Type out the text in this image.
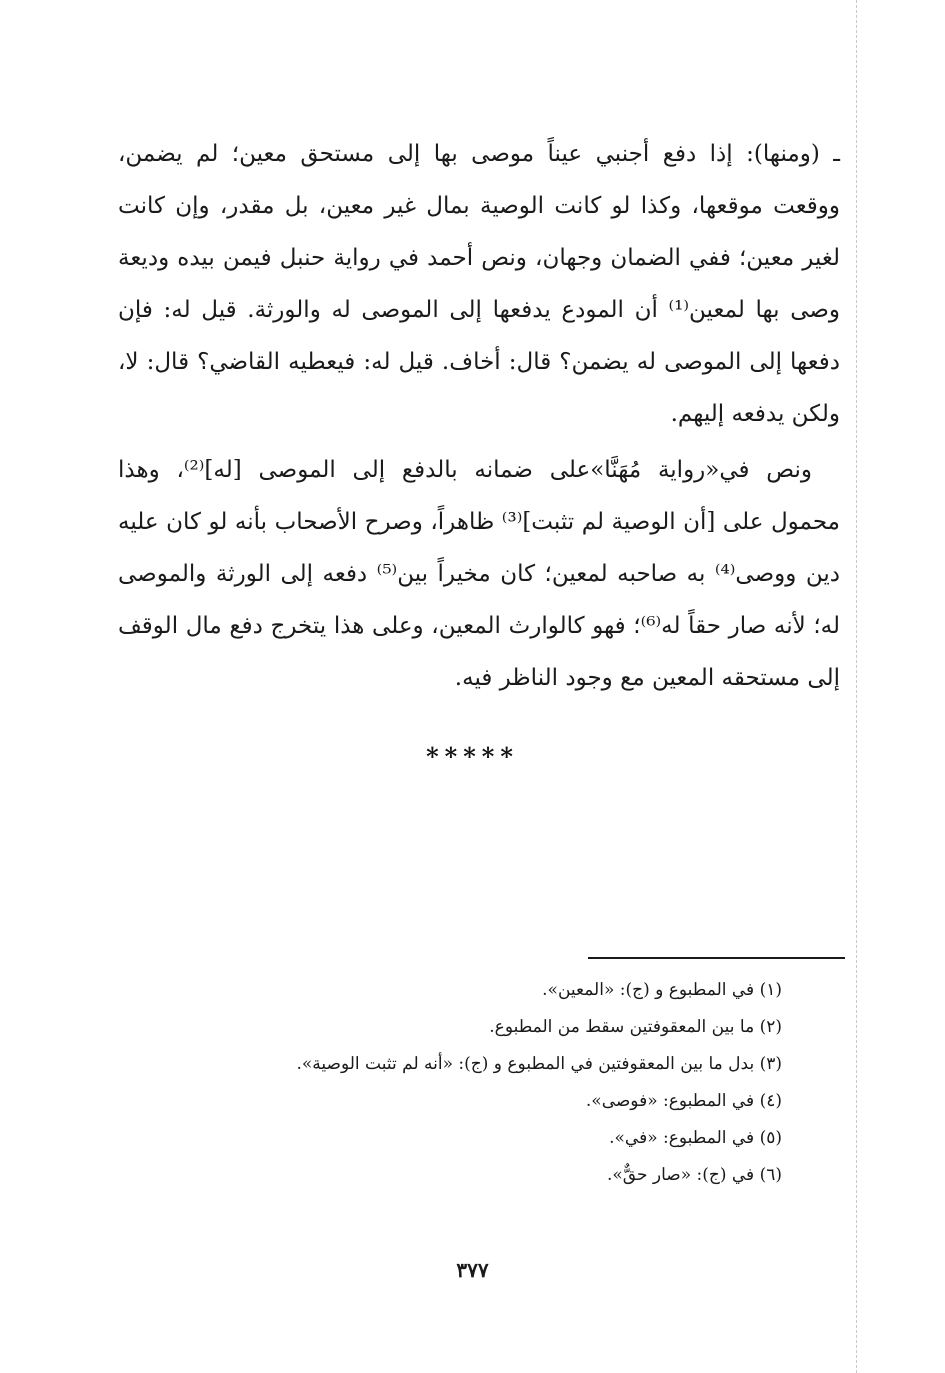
ـ (ومنها): إذا دفع أجنبي عيناً موصى بها إلى مستحق معين؛ لم يضمن، ووقعت موقعها، وكذا لو كانت الوصية بمال غير معين، بل مقدر، وإن كانت لغير معين؛ ففي الضمان وجهان، ونص أحمد في رواية حنبل فيمن بيده وديعة وصى بها لمعين⁽¹⁾ أن المودع يدفعها إلى الموصى له والورثة. قيل له: فإن دفعها إلى الموصى له يضمن؟ قال: أخاف. قيل له: فيعطيه القاضي؟ قال: لا، ولكن يدفعه إليهم.

ونص في«رواية مُهَنَّا»على ضمانه بالدفع إلى الموصى [له]⁽²⁾، وهذا محمول على [أن الوصية لم تثبت]⁽³⁾ ظاهراً، وصرح الأصحاب بأنه لو كان عليه دين ووصى⁽⁴⁾ به صاحبه لمعين؛ كان مخيراً بين⁽⁵⁾ دفعه إلى الورثة والموصى له؛ لأنه صار حقاً له⁽⁶⁾؛ فهو كالوارث المعين، وعلى هذا يتخرج دفع مال الوقف إلى مستحقه المعين مع وجود الناظر فيه.

*****
(١) في المطبوع و (ج): «المعين».
(٢) ما بين المعقوفتين سقط من المطبوع.
(٣) بدل ما بين المعقوفتين في المطبوع و (ج): «أنه لم تثبت الوصية».
(٤) في المطبوع: «فوصى».
(٥) في المطبوع: «في».
(٦) في (ج): «صار حقٌّ».
٣٧٧
